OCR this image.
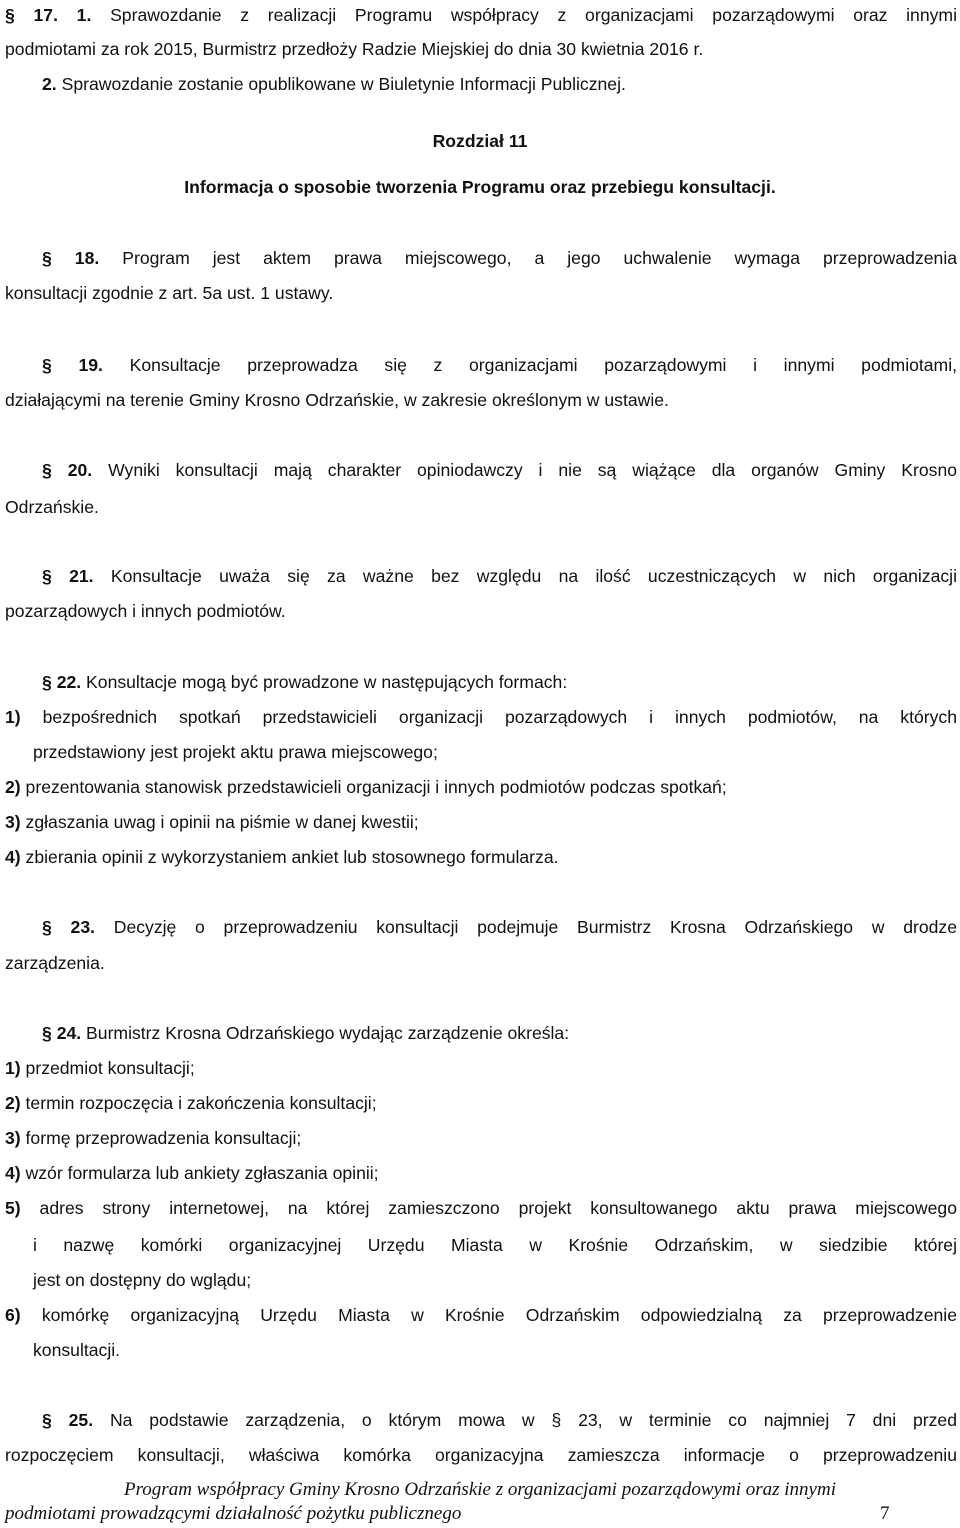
§ 17. 1. Sprawozdanie z realizacji Programu współpracy z organizacjami pozarządowymi oraz innymi
podmiotami za rok 2015, Burmistrz przedłoży Radzie Miejskiej do dnia 30 kwietnia 2016 r.
2. Sprawozdanie zostanie opublikowane w Biuletynie Informacji Publicznej.
Rozdział 11
Informacja o sposobie tworzenia Programu oraz przebiegu konsultacji.
§ 18. Program jest aktem prawa miejscowego, a jego uchwalenie wymaga przeprowadzenia
konsultacji zgodnie z art. 5a ust. 1 ustawy.
§ 19. Konsultacje przeprowadza się z organizacjami pozarządowymi i innymi podmiotami,
działającymi na terenie Gminy Krosno Odrzańskie, w zakresie określonym w ustawie.
§ 20. Wyniki konsultacji mają charakter opiniodawczy i nie są wiążące dla organów Gminy Krosno
Odrzańskie.
§ 21. Konsultacje uważa się za ważne bez względu na ilość uczestniczących w nich organizacji
pozarządowych i innych podmiotów.
§ 22. Konsultacje mogą być prowadzone w następujących formach:
1) bezpośrednich spotkań przedstawicieli organizacji pozarządowych i innych podmiotów, na których
przedstawiony jest projekt aktu prawa miejscowego;
2) prezentowania stanowisk przedstawicieli organizacji i innych podmiotów podczas spotkań;
3) zgłaszania uwag i opinii na piśmie w danej kwestii;
4) zbierania opinii z wykorzystaniem ankiet lub stosownego formularza.
§ 23. Decyzję o przeprowadzeniu konsultacji podejmuje Burmistrz Krosna Odrzańskiego w drodze
zarządzenia.
§ 24. Burmistrz Krosna Odrzańskiego wydając zarządzenie określa:
1) przedmiot konsultacji;
2) termin rozpoczęcia i zakończenia konsultacji;
3) formę przeprowadzenia konsultacji;
4) wzór formularza lub ankiety zgłaszania opinii;
5) adres strony internetowej, na której zamieszczono projekt konsultowanego aktu prawa miejscowego
i nazwę komórki organizacyjnej Urzędu Miasta w Krośnie Odrzańskim, w siedzibie której
jest on dostępny do wglądu;
6) komórkę organizacyjną Urzędu Miasta w Krośnie Odrzańskim odpowiedzialną za przeprowadzenie
konsultacji.
§ 25. Na podstawie zarządzenia, o którym mowa w § 23, w terminie co najmniej 7 dni przed
rozpoczęciem konsultacji, właściwa komórka organizacyjna zamieszcza informacje o przeprowadzeniu
Program współpracy Gminy Krosno Odrzańskie z organizacjami pozarządowymi oraz innymi
podmiotami prowadzącymi działalność pożytku publicznego	7
